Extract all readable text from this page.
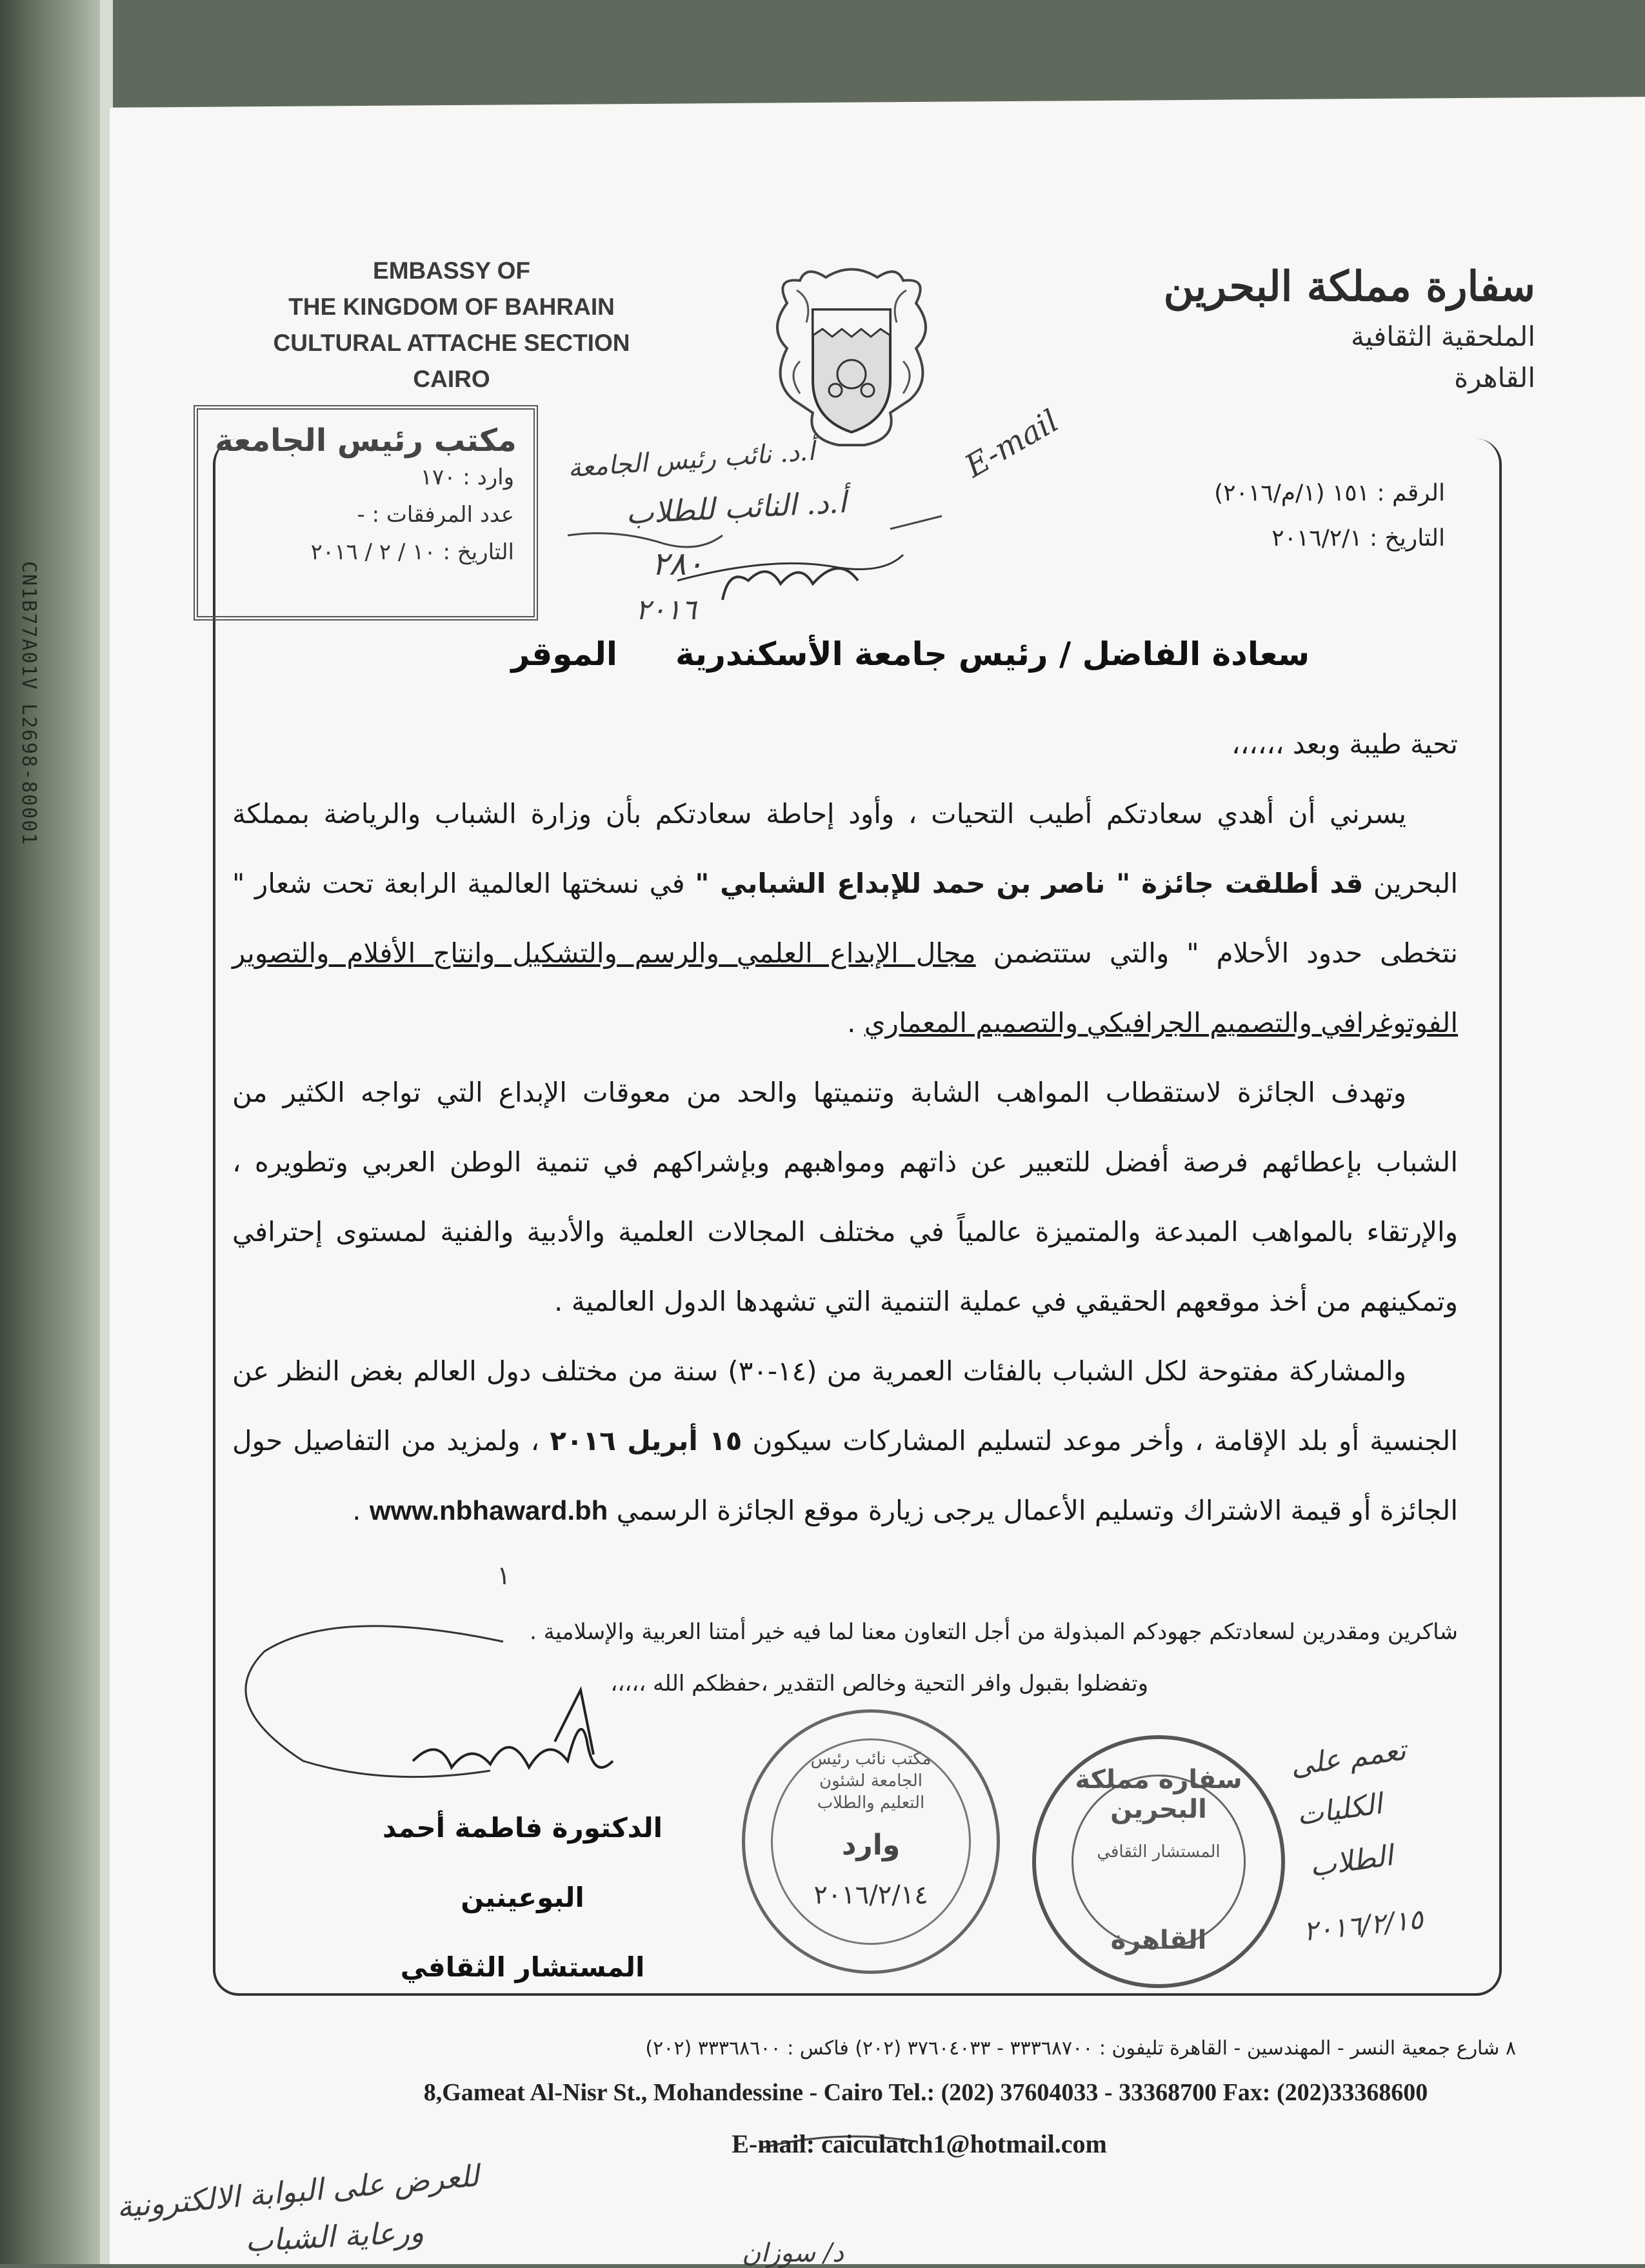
CN1B77A01V L2698-80001
EMBASSY OF
THE KINGDOM OF BAHRAIN
CULTURAL ATTACHE SECTION
CAIRO
سفارة مملكة البحرين
الملحقية الثقافية
القاهرة
الرقم : ١٥١ (١/م/٢٠١٦)
التاريخ : ٢٠١٦/٢/١
مكتب رئيس الجامعة
وارد : ١٧٠
عدد المرفقات : -
التاريخ : ١٠ / ٢ / ٢٠١٦
أ.د. نائب رئيس الجامعة
أ.د. النائب للطلاب
E-mail
٢٨٠
٢٠١٦
سعادة الفاضل / رئيس جامعة الأسكندريةالموقر

تحية طيبة وبعد ،،،،،،

يسرني أن أهدي سعادتكم أطيب التحيات ، وأود إحاطة سعادتكم بأن وزارة الشباب والرياضة بمملكة البحرين قد أطلقت جائزة " ناصر بن حمد للإبداع الشبابي " في نسختها العالمية الرابعة تحت شعار " نتخطى حدود الأحلام " والتي ستتضمن مجال الإبداع العلمي والرسم والتشكيل وانتاج الأفلام والتصوير الفوتوغرافي والتصميم الجرافيكي والتصميم المعماري .

وتهدف الجائزة لاستقطاب المواهب الشابة وتنميتها والحد من معوقات الإبداع التي تواجه الكثير من الشباب بإعطائهم فرصة أفضل للتعبير عن ذاتهم ومواهبهم وبإشراكهم في تنمية الوطن العربي وتطويره ، والإرتقاء بالمواهب المبدعة والمتميزة عالمياً في مختلف المجالات العلمية والأدبية والفنية لمستوى إحترافي وتمكينهم من أخذ موقعهم الحقيقي في عملية التنمية التي تشهدها الدول العالمية .

والمشاركة مفتوحة لكل الشباب بالفئات العمرية من (١٤-٣٠) سنة من مختلف دول العالم بغض النظر عن الجنسية أو بلد الإقامة ، وأخر موعد لتسليم المشاركات سيكون ١٥ أبريل ٢٠١٦ ، ولمزيد من التفاصيل حول الجائزة أو قيمة الاشتراك وتسليم الأعمال يرجى زيارة موقع الجائزة الرسمي www.nbhaward.bh .

١
شاكرين ومقدرين لسعادتكم جهودكم المبذولة من أجل التعاون معنا لما فيه خير أمتنا العربية والإسلامية .
وتفضلوا بقبول وافر التحية وخالص التقدير ،حفظكم الله ،،،،،
الدكتورة فاطمة أحمد البوعينين
المستشار الثقافي
مكتب نائب رئيس الجامعة لشئون التعليم والطلاب
وارد
٢٠١٦/٢/١٤
سفارة مملكة البحرين
المستشار الثقافي
القاهرة
تعمم على
الكليات
الطلاب
٢٠١٦/٢/١٥
٨ شارع جمعية النسر - المهندسين - القاهرة تليفون : ٣٣٣٦٨٧٠٠ - ٣٧٦٠٤٠٣٣ (٢٠٢) فاكس : ٣٣٣٦٨٦٠٠ (٢٠٢)
8,Gameat Al-Nisr St., Mohandessine - Cairo Tel.: (202) 37604033 - 33368700 Fax: (202)33368600
E-mail: caiculatch1@hotmail.com
للعرض على البوابة الالكترونية
ورعاية الشباب	د/ سوزان
